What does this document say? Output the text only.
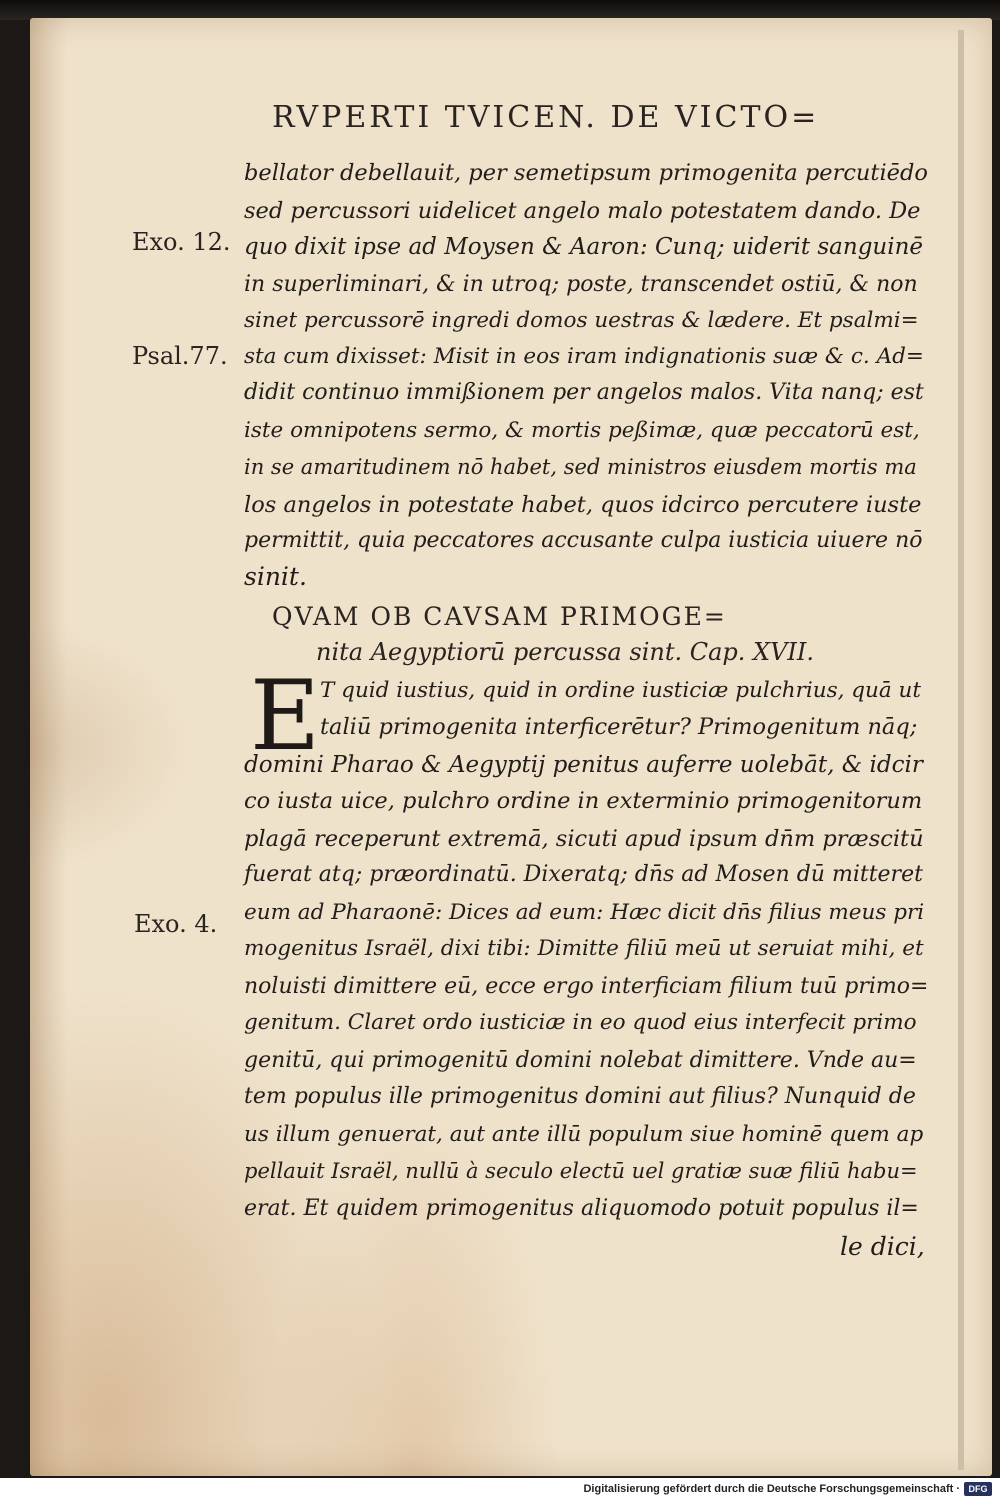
RVPERTI TVICEN. DE VICTO=
Exo. 12.
Psal.77.
Exo. 4.
bellator debellauit, per semetipsum primogenita percutiēdo
sed percussori uidelicet angelo malo potestatem dando. De
quo dixit ipse ad Moysen & Aaron: Cunq; uiderit sanguinē
in superliminari, & in utroq; poste, transcendet ostiū, & non
sinet percussorē ingredi domos uestras & lædere. Et psalmi=
sta cum dixisset: Misit in eos iram indignationis suæ & c. Ad=
didit continuo immißionem per angelos malos. Vita nanq; est
iste omnipotens sermo, & mortis peßimæ, quæ peccatorū est,
in se amaritudinem nō habet, sed ministros eiusdem mortis ma
los angelos in potestate habet, quos idcirco percutere iuste
permittit, quia peccatores accusante culpa iusticia uiuere nō
sinit.
QVAM OB CAVSAM PRIMOGE=
nita Aegyptiorū percussa sint. Cap. XVII.
E T quid iustius, quid in ordine iusticiæ pulchrius, quā ut
taliū primogenita interficerētur? Primogenitum nāq;
domini Pharao & Aegyptij penitus auferre uolebāt, & idcir
co iusta uice, pulchro ordine in exterminio primogenitorum
plagā receperunt extremā, sicuti apud ipsum dn̄m præscitū
fuerat atq; præordinatū. Dixeratq; dn̄s ad Mosen dū mitteret
eum ad Pharaonē: Dices ad eum: Hæc dicit dn̄s filius meus pri
mogenitus Israël, dixi tibi: Dimitte filiū meū ut seruiat mihi, et
noluisti dimittere eū, ecce ergo interficiam filium tuū primo=
genitum. Claret ordo iusticiæ in eo quod eius interfecit primo
genitū, qui primogenitū domini nolebat dimittere. Vnde au=
tem populus ille primogenitus domini aut filius? Nunquid de
us illum genuerat, aut ante illū populum siue hominē quem ap
pellauit Israël, nullū à seculo electū uel gratiæ suæ filiū habu=
erat. Et quidem primogenitus aliquomodo potuit populus il=
le dici,
Digitalisierung gefördert durch die Deutsche Forschungsgemeinschaft · DFG
